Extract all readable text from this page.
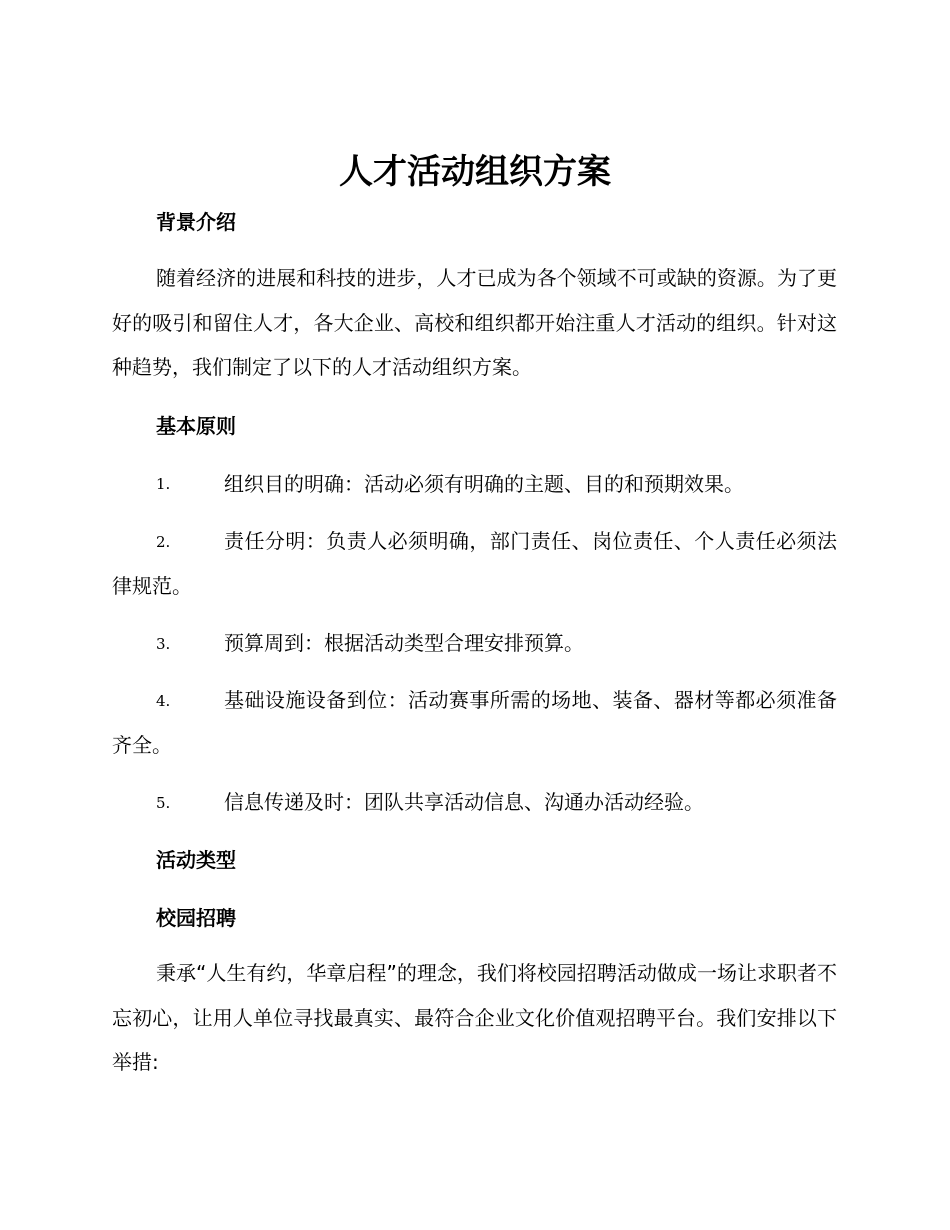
人才活动组织方案
背景介绍
随着经济的进展和科技的进步，人才已成为各个领域不可或缺的资源。为了更好的吸引和留住人才，各大企业、高校和组织都开始注重人才活动的组织。针对这种趋势，我们制定了以下的人才活动组织方案。
基本原则
1.	组织目的明确：活动必须有明确的主题、目的和预期效果。
2.	责任分明：负责人必须明确，部门责任、岗位责任、个人责任必须法律规范。
3.	预算周到：根据活动类型合理安排预算。
4.	基础设施设备到位：活动赛事所需的场地、装备、器材等都必须准备齐全。
5.	信息传递及时：团队共享活动信息、沟通办活动经验。
活动类型
校园招聘
秉承“人生有约，华章启程”的理念，我们将校园招聘活动做成一场让求职者不忘初心，让用人单位寻找最真实、最符合企业文化价值观招聘平台。我们安排以下举措:
